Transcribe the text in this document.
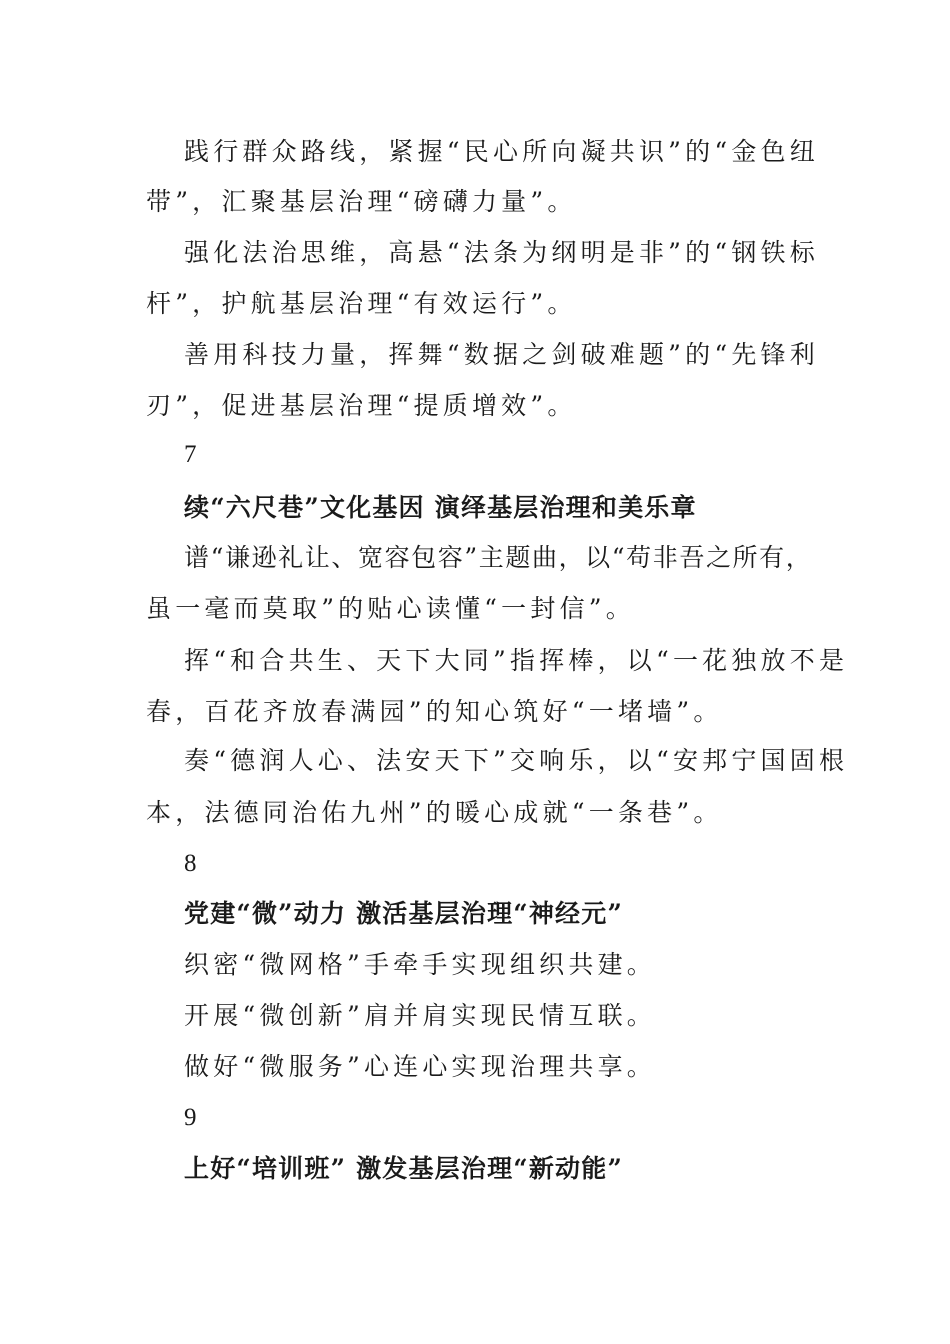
践行群众路线，紧握“民心所向凝共识”的“金色纽
带”，汇聚基层治理“磅礴力量”。
强化法治思维，高悬“法条为纲明是非”的“钢铁标
杆”，护航基层治理“有效运行”。
善用科技力量，挥舞“数据之剑破难题”的“先锋利
刃”，促进基层治理“提质增效”。
7
续“六尺巷”文化基因 演绎基层治理和美乐章
谱“谦逊礼让、宽容包容”主题曲，以“苟非吾之所有，
虽一毫而莫取”的贴心读懂“一封信”。
挥“和合共生、天下大同”指挥棒，以“一花独放不是
春，百花齐放春满园”的知心筑好“一堵墙”。
奏“德润人心、法安天下”交响乐，以“安邦宁国固根
本，法德同治佑九州”的暖心成就“一条巷”。
8
党建“微”动力 激活基层治理“神经元”
织密“微网格”手牵手实现组织共建。
开展“微创新”肩并肩实现民情互联。
做好“微服务”心连心实现治理共享。
9
上好“培训班” 激发基层治理“新动能”
